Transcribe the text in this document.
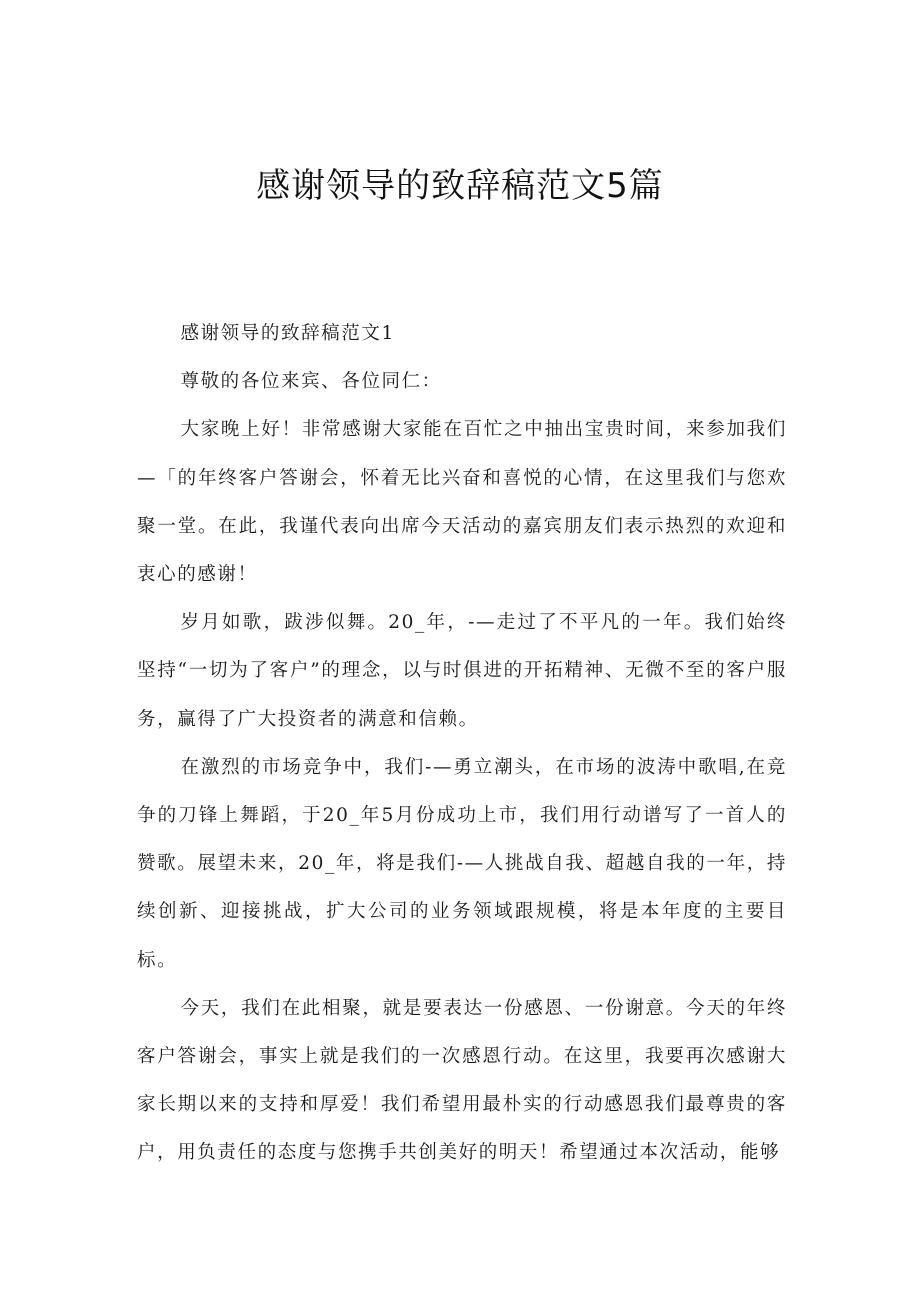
感谢领导的致辞稿范文5篇

感谢领导的致辞稿范文1

尊敬的各位来宾、各位同仁：

大家晚上好！非常感谢大家能在百忙之中抽出宝贵时间，来参加我们—「的年终客户答谢会，怀着无比兴奋和喜悦的心情，在这里我们与您欢聚一堂。在此，我谨代表向出席今天活动的嘉宾朋友们表示热烈的欢迎和衷心的感谢！

岁月如歌，跋涉似舞。20_年，-—走过了不平凡的一年。我们始终坚持“一切为了客户”的理念，以与时俱进的开拓精神、无微不至的客户服务，赢得了广大投资者的满意和信赖。

在激烈的市场竞争中，我们-—勇立潮头，在市场的波涛中歌唱,在竞争的刀锋上舞蹈，于20_年5月份成功上市，我们用行动谱写了一首人的赞歌。展望未来，20_年，将是我们-—人挑战自我、超越自我的一年，持续创新、迎接挑战，扩大公司的业务领域跟规模，将是本年度的主要目标。

今天，我们在此相聚，就是要表达一份感恩、一份谢意。今天的年终客户答谢会，事实上就是我们的一次感恩行动。在这里，我要再次感谢大家长期以来的支持和厚爱！我们希望用最朴实的行动感恩我们最尊贵的客户，用负责任的态度与您携手共创美好的明天！希望通过本次活动，能够
